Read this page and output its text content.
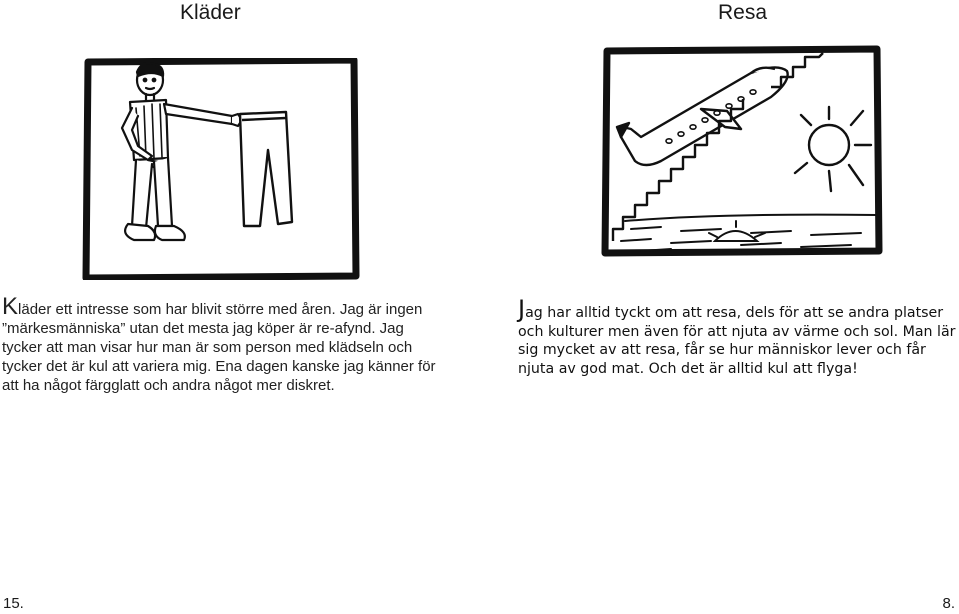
Kläder	Resa
Kläder ett intresse som har blivit större med åren. Jag är ingen ”märkesmänniska” utan det mesta jag köper är re-afynd. Jag tycker att man visar hur man är som person med klädseln och tycker det är kul att variera mig. Ena dagen kanske jag känner för att ha något färgglatt och andra något mer diskret.
Jag har alltid tyckt om att resa, dels för att se andra platser och kulturer men även för att njuta av värme och sol. Man lär sig mycket av att resa, får se hur människor lever och får njuta av god mat. Och det är alltid kul att flyga!
15.	8.
